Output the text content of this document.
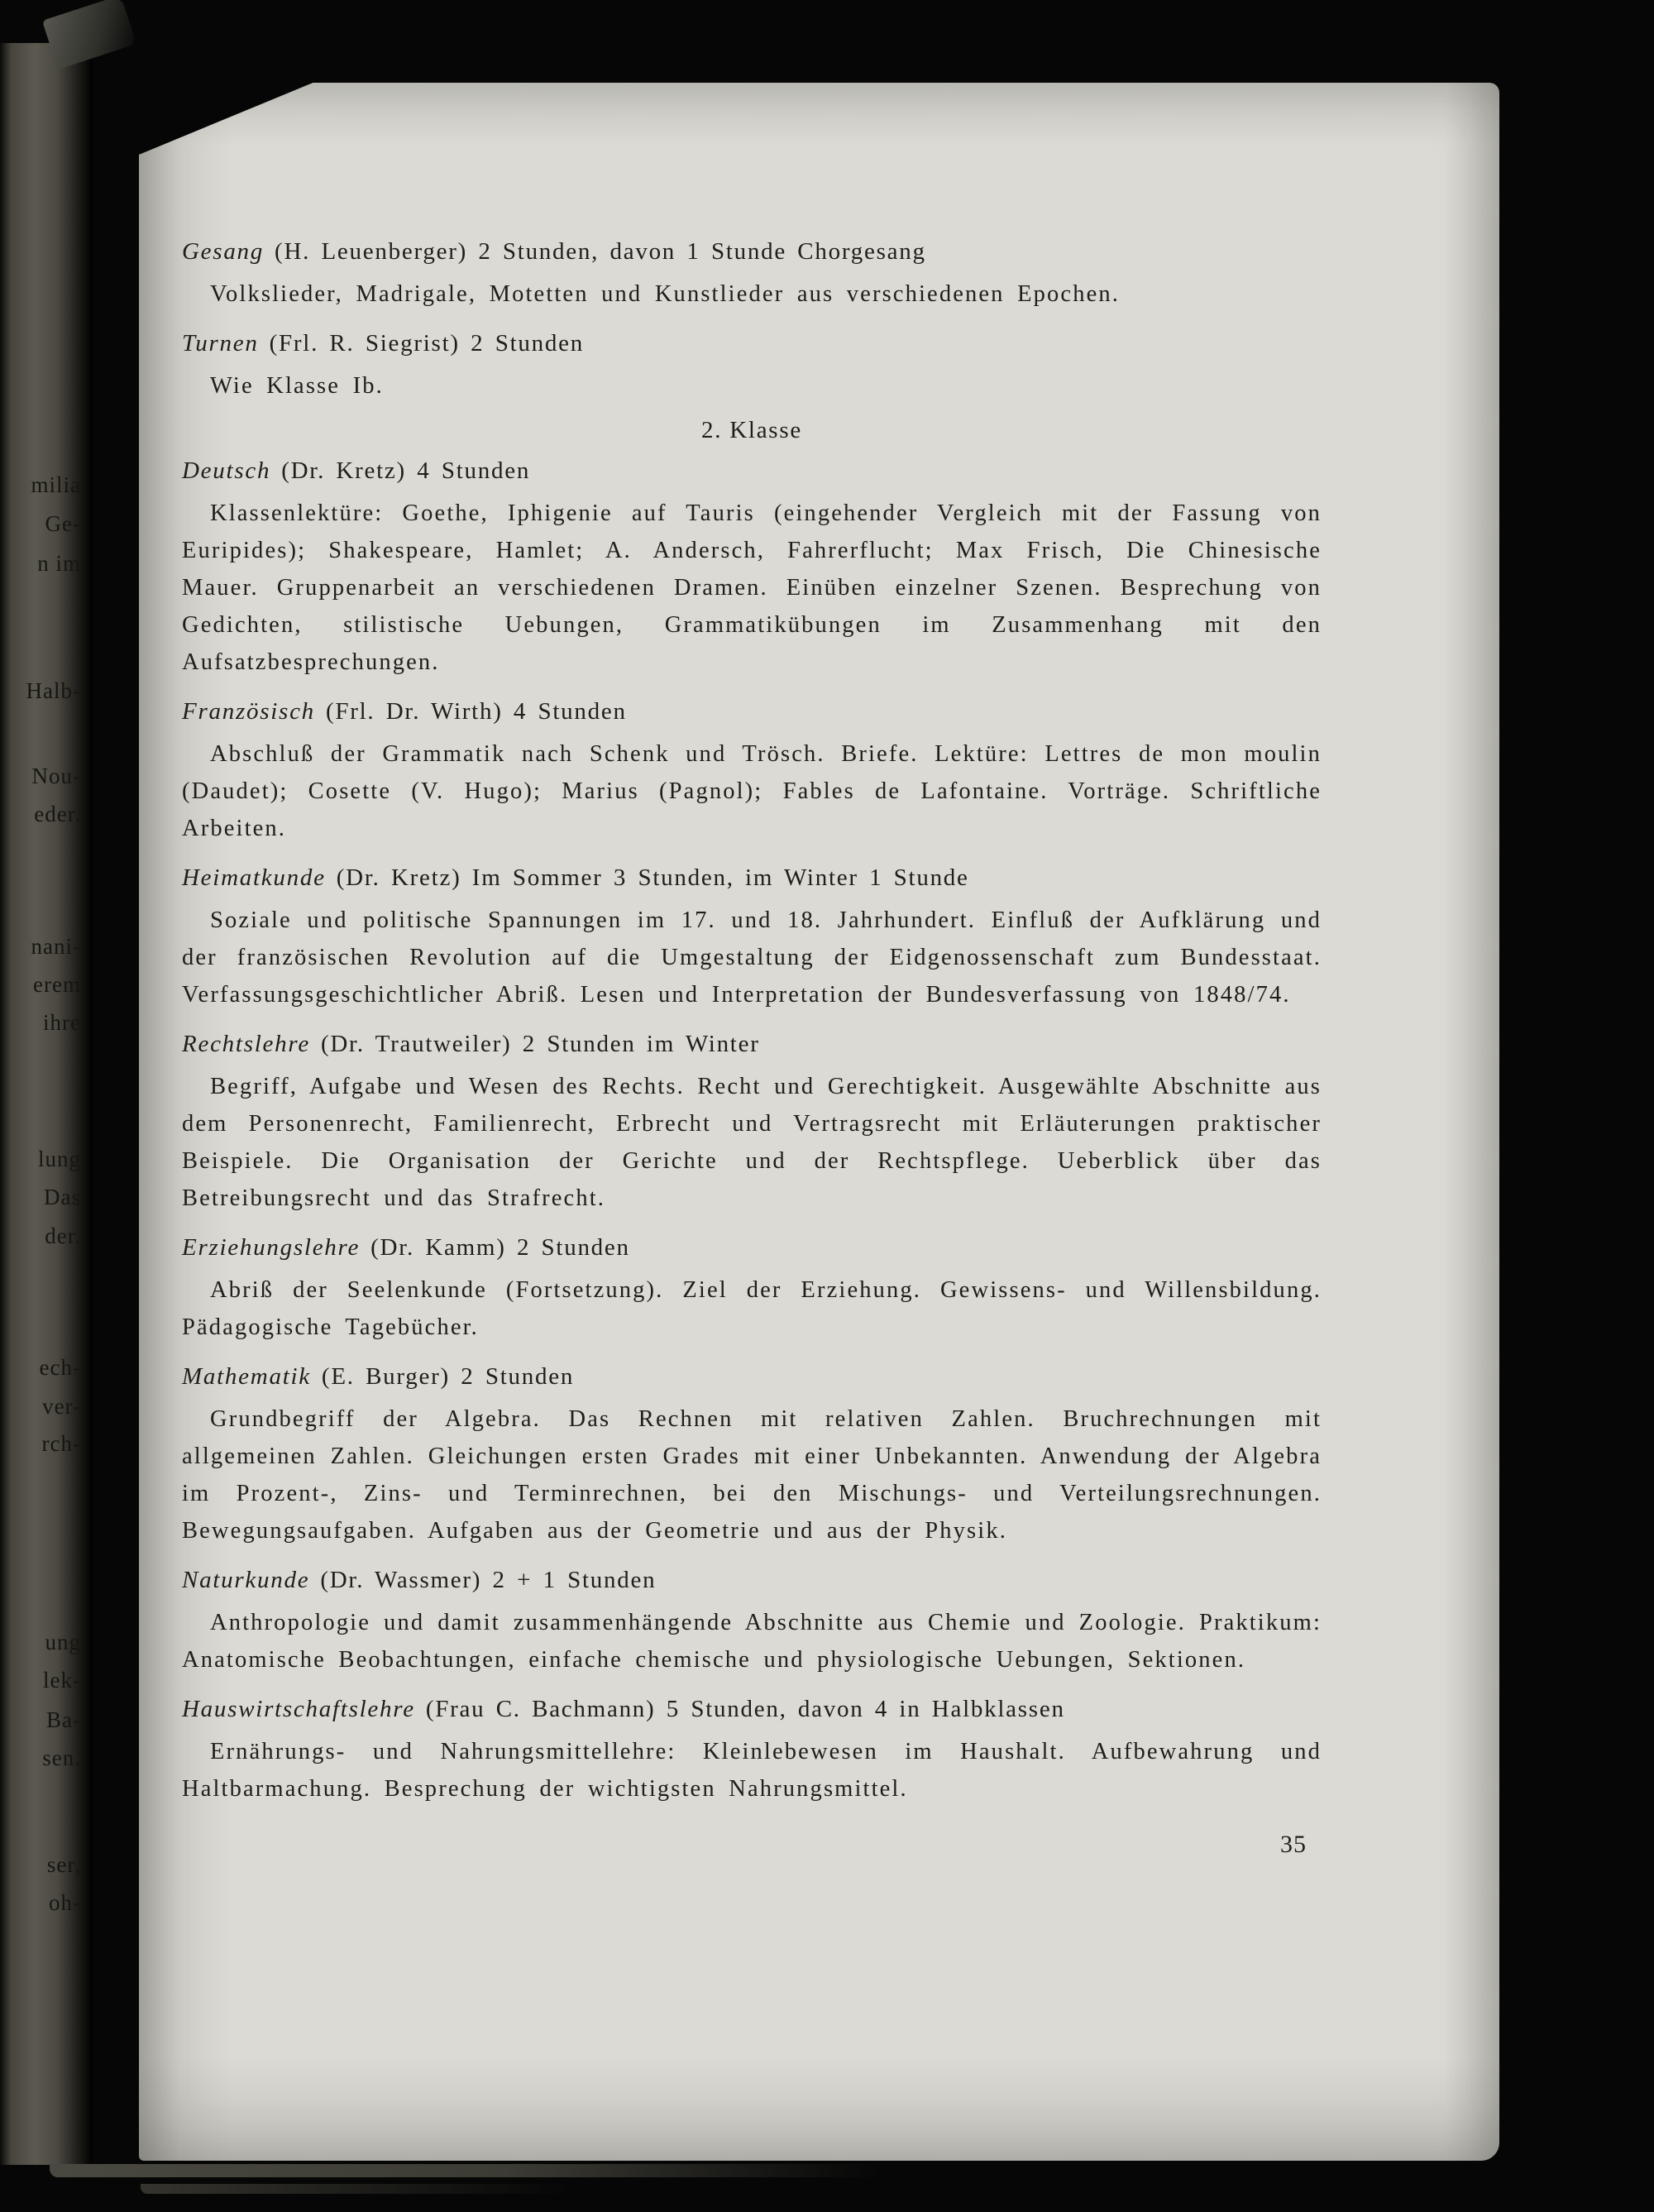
milia
Ge-
n im
Halb-
Nou-
eder.
nani-
erem
ihre
lung
Das
der.
ech-
ver-
rch-
ung
lek-
Ba-
sen.
ser,
oh-

Gesang (H. Leuenberger) 2 Stunden, davon 1 Stunde Chorgesang

Volkslieder, Madrigale, Motetten und Kunstlieder aus verschiedenen Epochen.

Turnen (Frl. R. Siegrist) 2 Stunden

Wie Klasse Ib.

2. Klasse

Deutsch (Dr. Kretz) 4 Stunden

Klassenlektüre: Goethe, Iphigenie auf Tauris (eingehender Vergleich mit der Fassung von Euripides); Shakespeare, Hamlet; A. Andersch, Fahrerflucht; Max Frisch, Die Chinesische Mauer. Gruppenarbeit an verschiedenen Dramen. Einüben einzelner Szenen. Besprechung von Gedichten, stilistische Uebungen, Grammatikübungen im Zusammenhang mit den Aufsatzbesprechungen.

Französisch (Frl. Dr. Wirth) 4 Stunden

Abschluß der Grammatik nach Schenk und Trösch. Briefe. Lektüre: Lettres de mon moulin (Daudet); Cosette (V. Hugo); Marius (Pagnol); Fables de Lafontaine. Vorträge. Schriftliche Arbeiten.

Heimatkunde (Dr. Kretz) Im Sommer 3 Stunden, im Winter 1 Stunde

Soziale und politische Spannungen im 17. und 18. Jahrhundert. Einfluß der Aufklärung und der französischen Revolution auf die Umgestaltung der Eidgenossenschaft zum Bundesstaat. Verfassungsgeschichtlicher Abriß. Lesen und Interpretation der Bundesverfassung von 1848/74.

Rechtslehre (Dr. Trautweiler) 2 Stunden im Winter

Begriff, Aufgabe und Wesen des Rechts. Recht und Gerechtigkeit. Ausgewählte Abschnitte aus dem Personenrecht, Familienrecht, Erbrecht und Vertragsrecht mit Erläuterungen praktischer Beispiele. Die Organisation der Gerichte und der Rechtspflege. Ueberblick über das Betreibungsrecht und das Strafrecht.

Erziehungslehre (Dr. Kamm) 2 Stunden

Abriß der Seelenkunde (Fortsetzung). Ziel der Erziehung. Gewissens- und Willensbildung. Pädagogische Tagebücher.

Mathematik (E. Burger) 2 Stunden

Grundbegriff der Algebra. Das Rechnen mit relativen Zahlen. Bruchrechnungen mit allgemeinen Zahlen. Gleichungen ersten Grades mit einer Unbekannten. Anwendung der Algebra im Prozent-, Zins- und Terminrechnen, bei den Mischungs- und Verteilungsrechnungen. Bewegungsaufgaben. Aufgaben aus der Geometrie und aus der Physik.

Naturkunde (Dr. Wassmer) 2 + 1 Stunden

Anthropologie und damit zusammenhängende Abschnitte aus Chemie und Zoologie. Praktikum: Anatomische Beobachtungen, einfache chemische und physiologische Uebungen, Sektionen.

Hauswirtschaftslehre (Frau C. Bachmann) 5 Stunden, davon 4 in Halbklassen

Ernährungs- und Nahrungsmittellehre: Kleinlebewesen im Haushalt. Aufbewahrung und Haltbarmachung. Besprechung der wichtigsten Nahrungsmittel.

35
